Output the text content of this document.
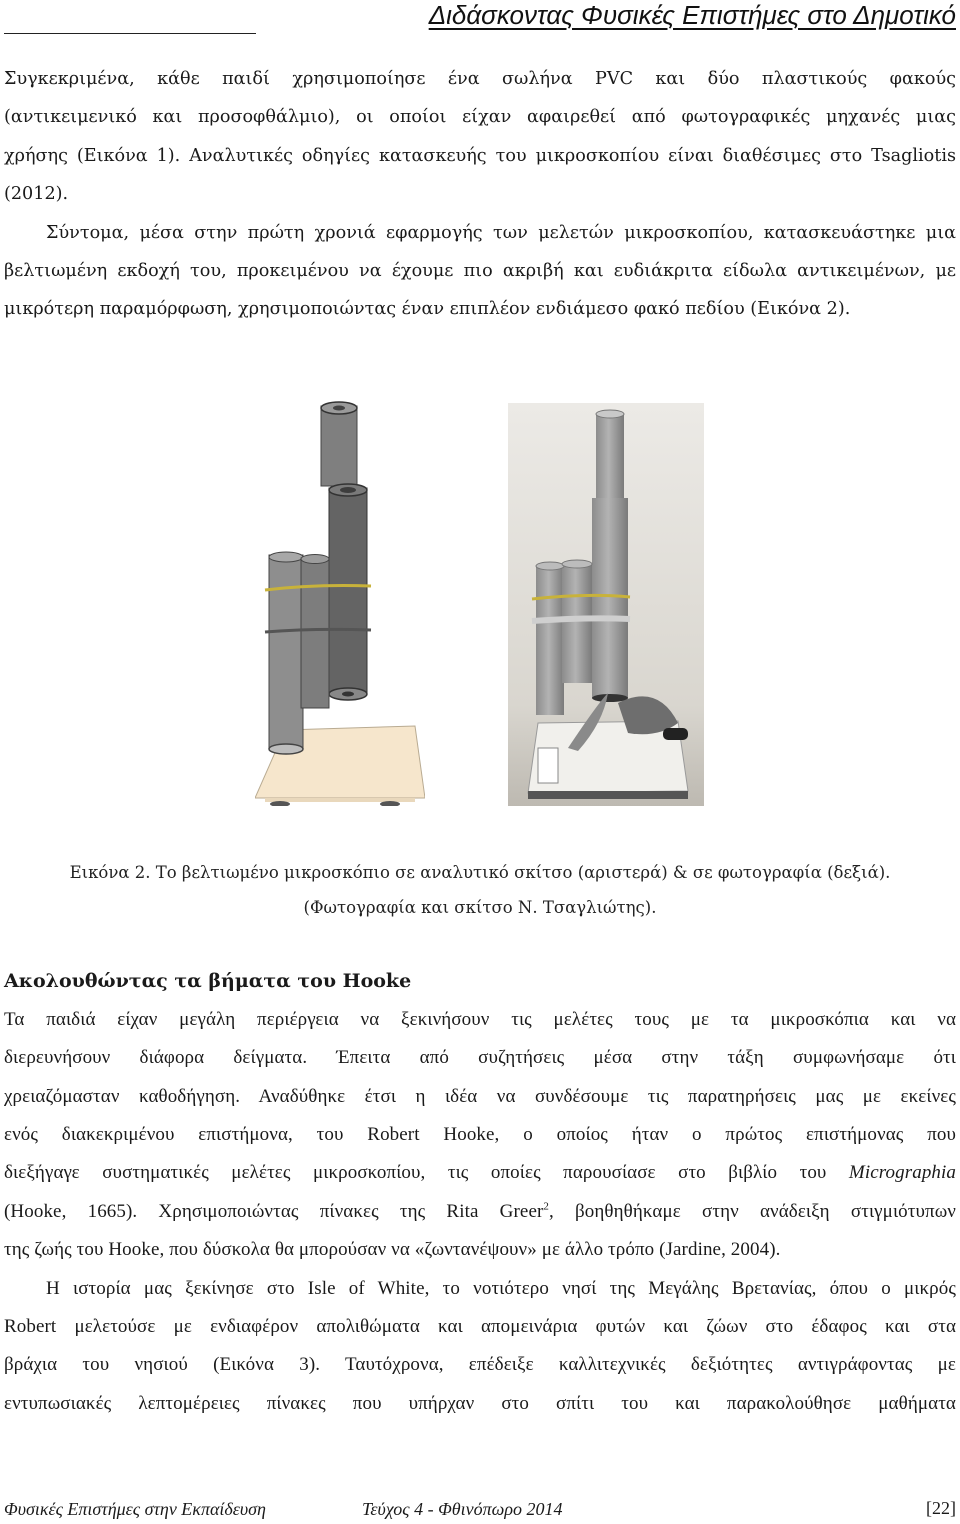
Διδάσκοντας Φυσικές Επιστήμες στο Δημοτικό
Συγκεκριμένα, κάθε παιδί χρησιμοποίησε ένα σωλήνα PVC και δύο πλαστικούς φακούς
(αντικειμενικό και προσοφθάλμιο), οι οποίοι είχαν αφαιρεθεί από φωτογραφικές μηχανές μιας
χρήσης (Εικόνα 1). Αναλυτικές οδηγίες κατασκευής του μικροσκοπίου είναι διαθέσιμες στο Tsagliotis
(2012).
Σύντομα, μέσα στην πρώτη χρονιά εφαρμογής των μελετών μικροσκοπίου, κατασκευάστηκε μια
βελτιωμένη εκδοχή του, προκειμένου να έχουμε πιο ακριβή και ευδιάκριτα είδωλα αντικειμένων, με
μικρότερη παραμόρφωση, χρησιμοποιώντας έναν επιπλέον ενδιάμεσο φακό πεδίου (Εικόνα 2).
Εικόνα 2. Το βελτιωμένο μικροσκόπιο σε αναλυτικό σκίτσο (αριστερά) & σε φωτογραφία (δεξιά).
(Φωτογραφία και σκίτσο Ν. Τσαγλιώτης).
Ακολουθώντας τα βήματα του Hooke
Τα παιδιά είχαν μεγάλη περιέργεια να ξεκινήσουν τις μελέτες τους με τα μικροσκόπια και να
διερευνήσουν διάφορα δείγματα. Έπειτα από συζητήσεις μέσα στην τάξη συμφωνήσαμε ότι
χρειαζόμασταν καθοδήγηση. Αναδύθηκε έτσι η ιδέα να συνδέσουμε τις παρατηρήσεις μας με εκείνες
ενός διακεκριμένου επιστήμονα, του Robert Hooke, ο οποίος ήταν ο πρώτος επιστήμονας που
διεξήγαγε συστηματικές μελέτες μικροσκοπίου, τις οποίες παρουσίασε στο βιβλίο του Micrographia
(Hooke, 1665). Χρησιμοποιώντας πίνακες της Rita Greer$^2$, βοηθηθήκαμε στην ανάδειξη στιγμιότυπων
της ζωής του Hooke, που δύσκολα θα μπορούσαν να «ζωντανέψουν» με άλλο τρόπο (Jardine, 2004).
Η ιστορία μας ξεκίνησε στο Isle of White, το νοτιότερο νησί της Μεγάλης Βρετανίας, όπου ο μικρός
Robert μελετούσε με ενδιαφέρον απολιθώματα και απομεινάρια φυτών και ζώων στο έδαφος και στα
βράχια του νησιού (Εικόνα 3). Ταυτόχρονα, επέδειξε καλλιτεχνικές δεξιότητες αντιγράφοντας με
εντυπωσιακές λεπτομέρειες πίνακες που υπήρχαν στο σπίτι του και παρακολούθησε μαθήματα
Φυσικές Επιστήμες στην Εκπαίδευση	Τεύχος 4 - Φθινόπωρο 2014	[22]
